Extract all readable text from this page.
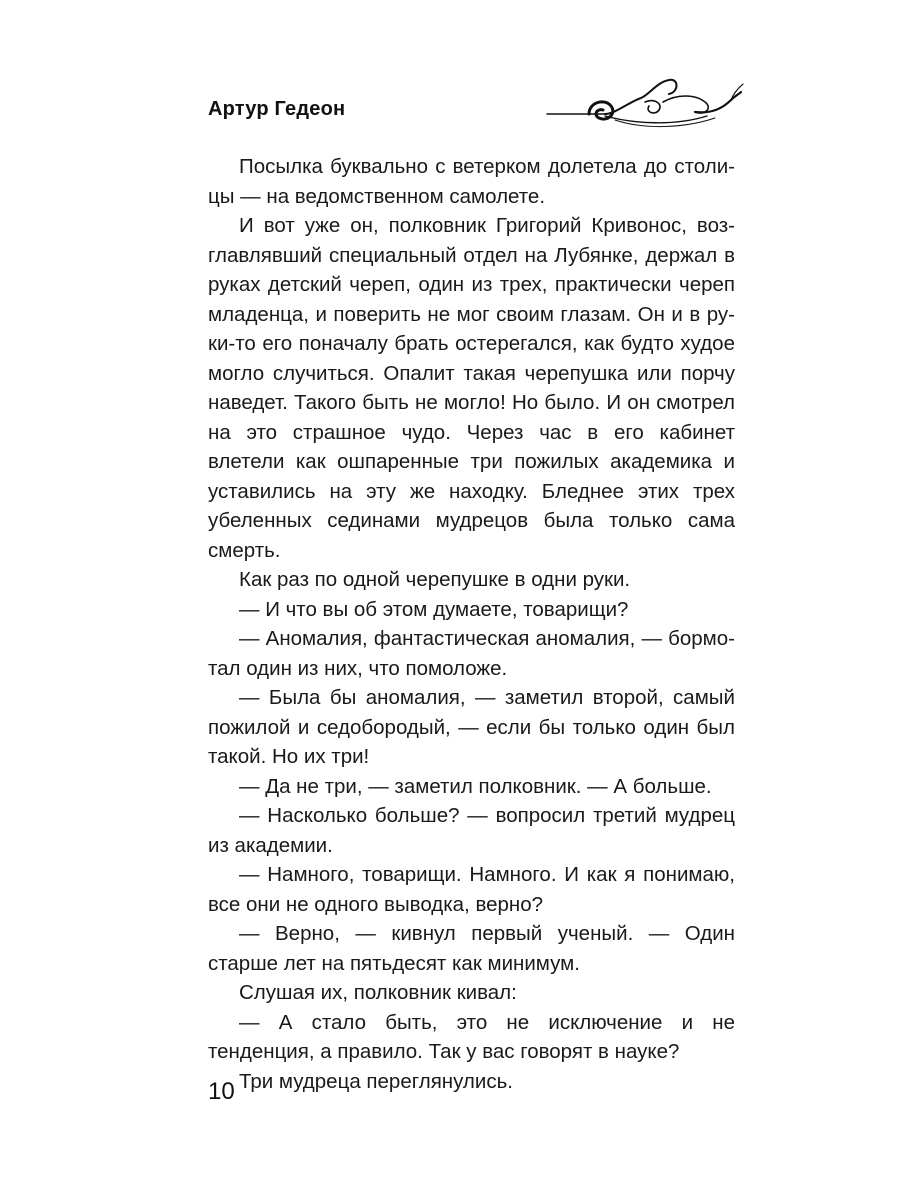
Артур Гедеон

Посылка буквально с ветерком долетела до столицы — на ведомственном самолете.

И вот уже он, полковник Григорий Кривонос, возглавлявший специальный отдел на Лубянке, держал в руках детский череп, один из трех, практически череп младенца, и поверить не мог своим глазам. Он и в руки-то его поначалу брать остерегался, как будто худое могло случиться. Опалит такая черепушка или порчу наведет. Такого быть не могло! Но было. И он смотрел на это страшное чудо. Через час в его кабинет влетели как ошпаренные три пожилых академика и уставились на эту же находку. Бледнее этих трех убеленных сединами мудрецов была только сама смерть.

Как раз по одной черепушке в одни руки.

— И что вы об этом думаете, товарищи?

— Аномалия, фантастическая аномалия, — бормотал один из них, что помоложе.

— Была бы аномалия, — заметил второй, самый пожилой и седобородый, — если бы только один был такой. Но их три!

— Да не три, — заметил полковник. — А больше.

— Насколько больше? — вопросил третий мудрец из академии.

— Намного, товарищи. Намного. И как я понимаю, все они не одного выводка, верно?

— Верно, — кивнул первый ученый. — Один старше лет на пятьдесят как минимум.

Слушая их, полковник кивал:

— А стало быть, это не исключение и не тенденция, а правило. Так у вас говорят в науке?

Три мудреца переглянулись.

10
